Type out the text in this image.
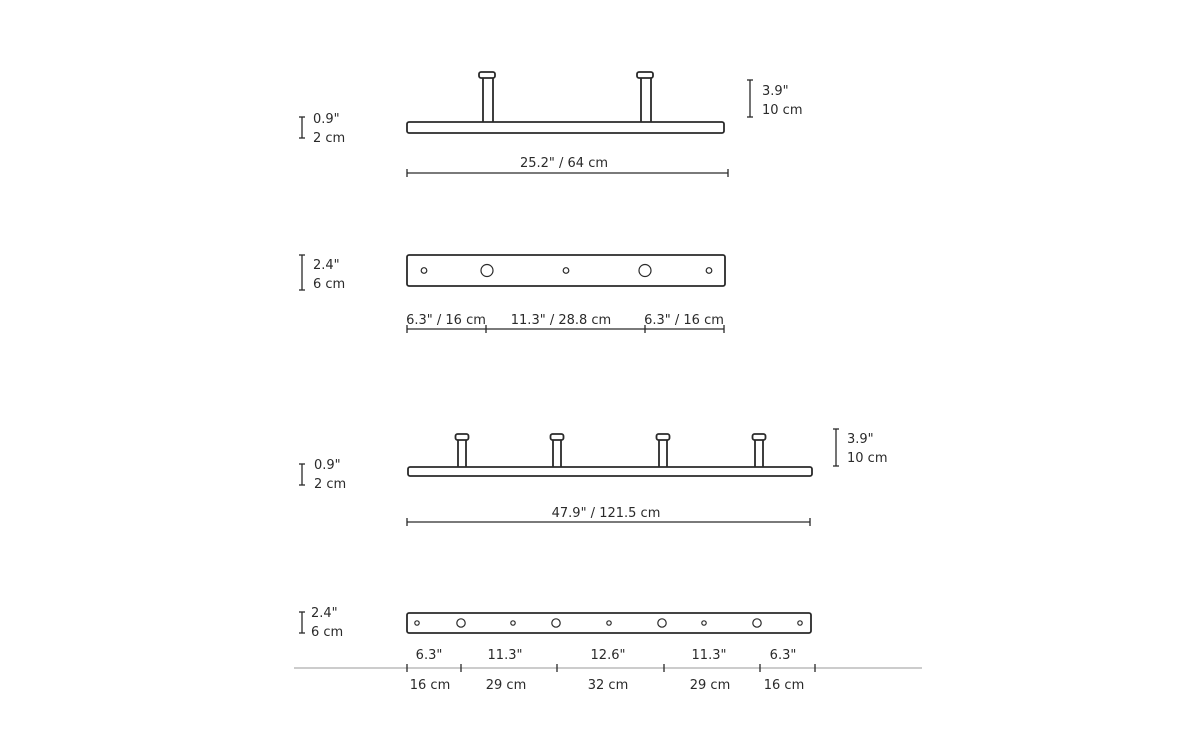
0.9"
2 cm
3.9"
10 cm
25.2" / 64 cm
2.4"
6 cm
6.3" / 16 cm 11.3" / 28.8 cm	6.3" / 16 cm
0.9"
2 cm
3.9"
10 cm
47.9" / 121.5 cm
2.4"
6 cm
6.3"	11.3"	12.6"	11.3"	6.3"
16 cm	29 cm	32 cm	29 cm	16 cm
